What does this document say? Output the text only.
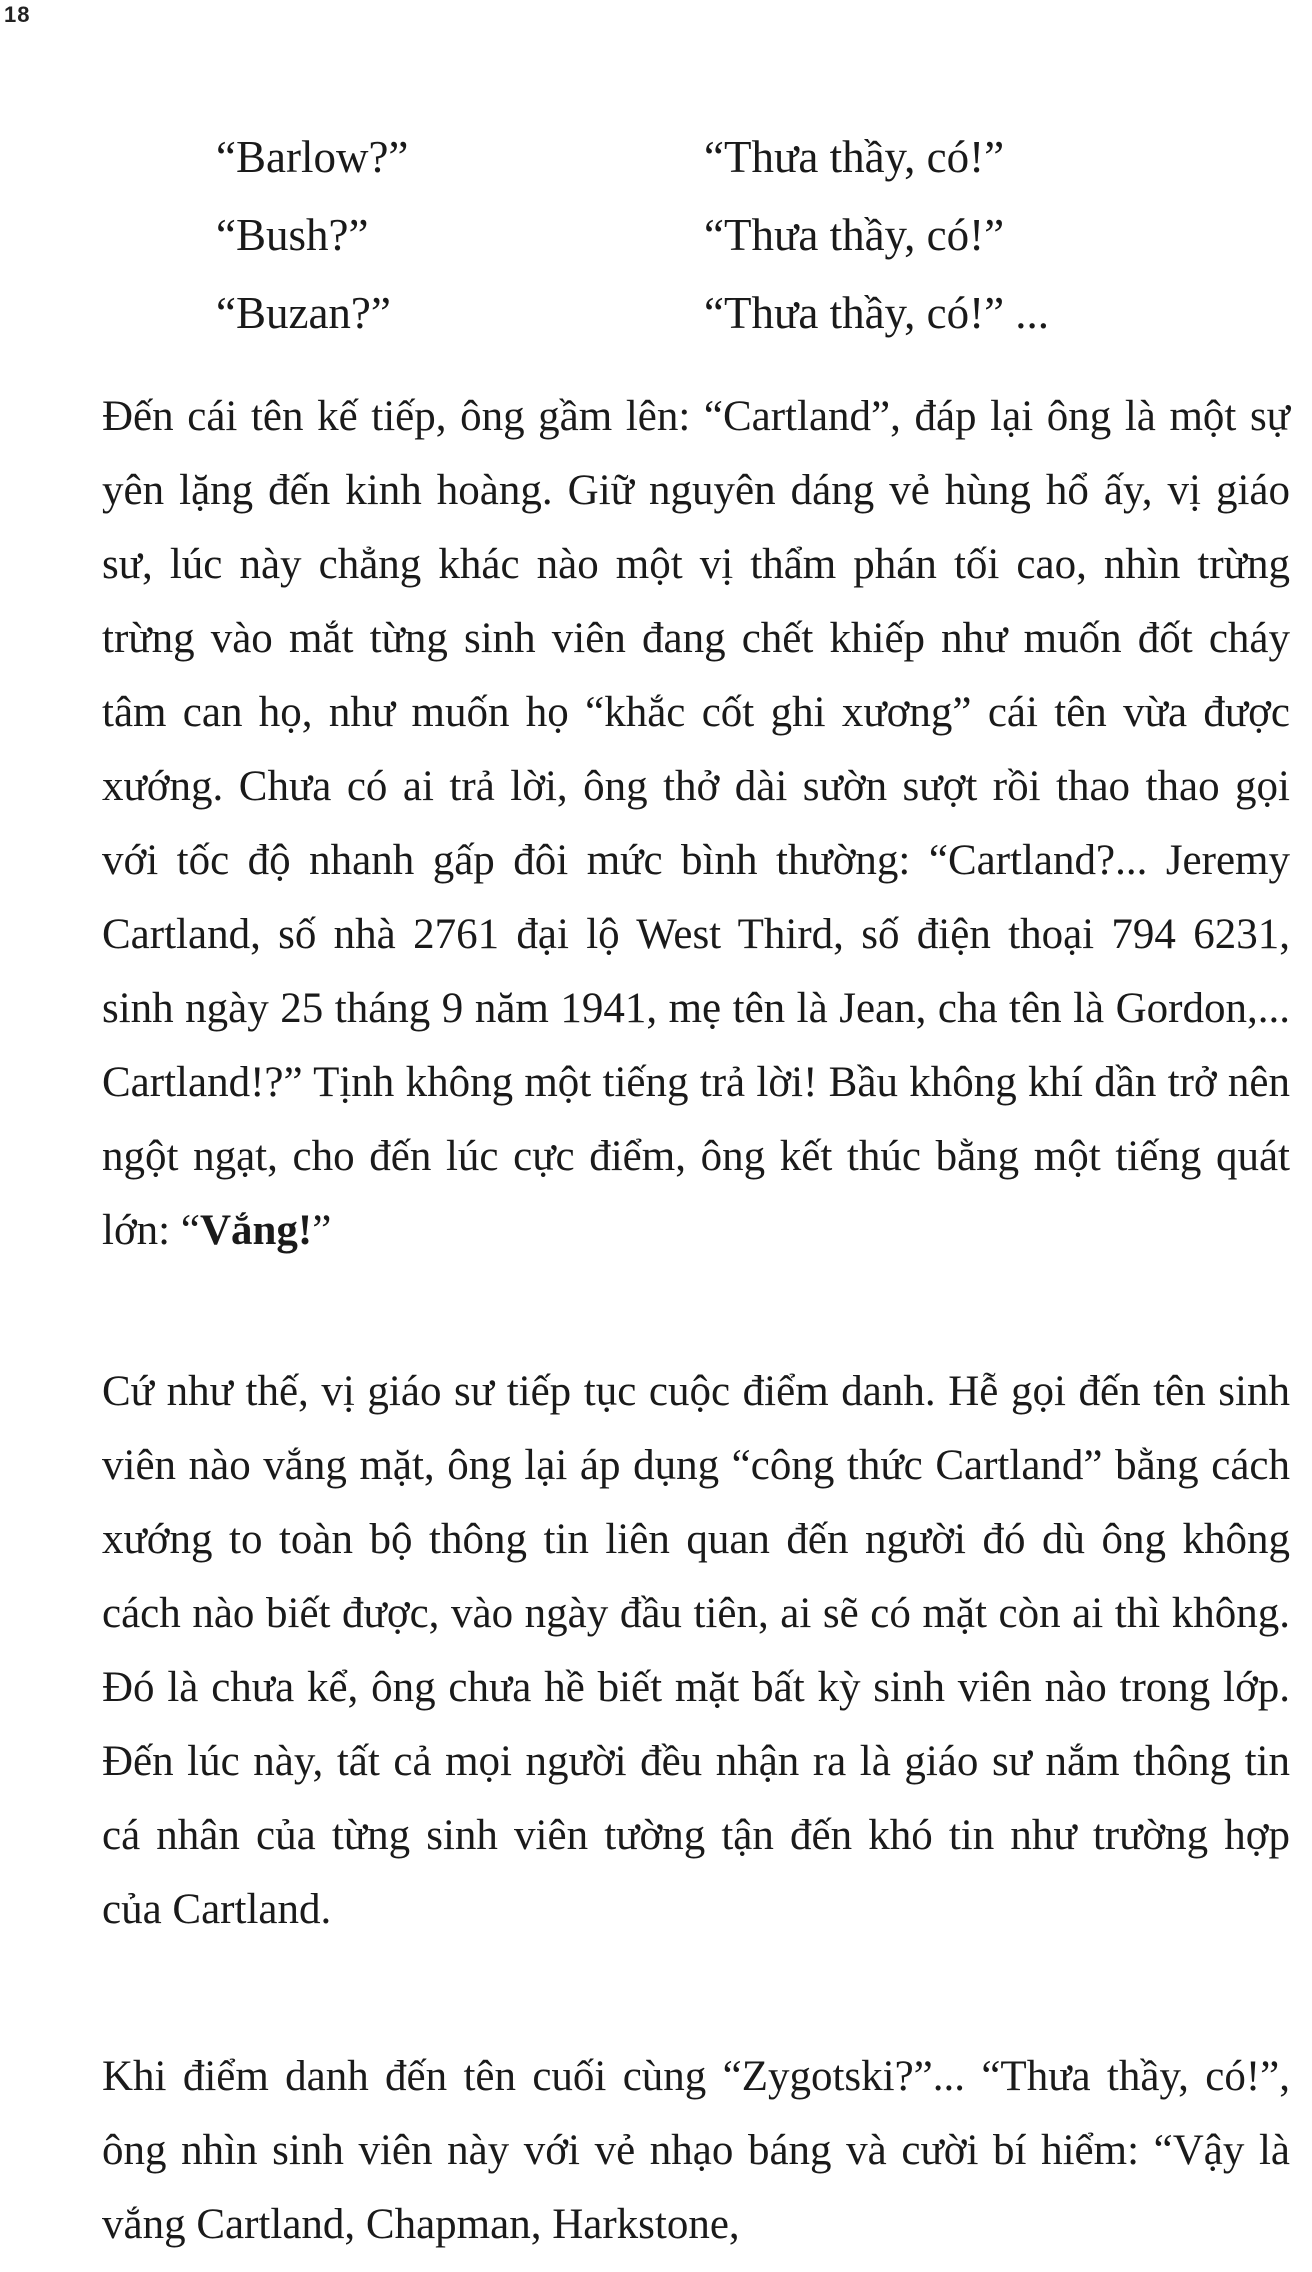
18
“Barlow?”	“Thưa thầy, có!”
“Bush?”	“Thưa thầy, có!”
“Buzan?”	“Thưa thầy, có!” ...

Đến cái tên kế tiếp, ông gầm lên: “Cartland”, đáp lại ông là một sự yên lặng đến kinh hoàng. Giữ nguyên dáng vẻ hùng hổ ấy, vị giáo sư, lúc này chẳng khác nào một vị thẩm phán tối cao, nhìn trừng trừng vào mắt từng sinh viên đang chết khiếp như muốn đốt cháy tâm can họ, như muốn họ “khắc cốt ghi xương” cái tên vừa được xướng. Chưa có ai trả lời, ông thở dài sườn sượt rồi thao thao gọi với tốc độ nhanh gấp đôi mức bình thường: “Cartland?... Jeremy Cartland, số nhà 2761 đại lộ West Third, số điện thoại 794 6231, sinh ngày 25 tháng 9 năm 1941, mẹ tên là Jean, cha tên là Gordon,... Cartland!?” Tịnh không một tiếng trả lời! Bầu không khí dần trở nên ngột ngạt, cho đến lúc cực điểm, ông kết thúc bằng một tiếng quát lớn: “Vắng!”

Cứ như thế, vị giáo sư tiếp tục cuộc điểm danh. Hễ gọi đến tên sinh viên nào vắng mặt, ông lại áp dụng “công thức Cartland” bằng cách xướng to toàn bộ thông tin liên quan đến người đó dù ông không cách nào biết được, vào ngày đầu tiên, ai sẽ có mặt còn ai thì không. Đó là chưa kể, ông chưa hề biết mặt bất kỳ sinh viên nào trong lớp. Đến lúc này, tất cả mọi người đều nhận ra là giáo sư nắm thông tin cá nhân của từng sinh viên tường tận đến khó tin như trường hợp của Cartland.

Khi điểm danh đến tên cuối cùng “Zygotski?”... “Thưa thầy, có!”, ông nhìn sinh viên này với vẻ nhạo báng và cười bí hiểm: “Vậy là vắng Cartland, Chapman, Harkstone,
